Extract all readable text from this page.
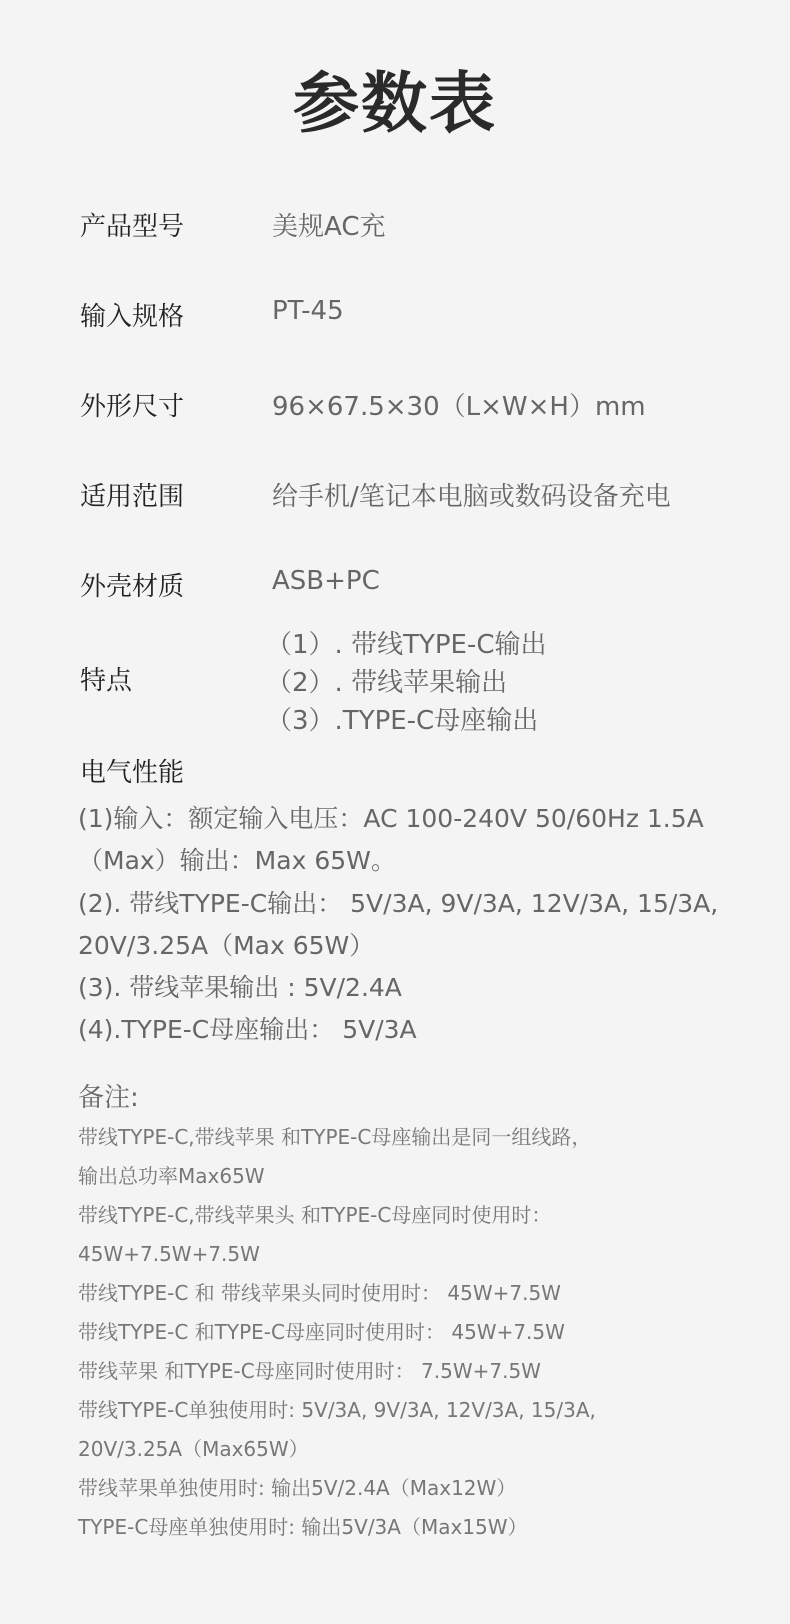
参数表
产品型号	美规AC充
输入规格	PT-45
外形尺寸	96×67.5×30（L×W×H）mm
适用范围	给手机/笔记本电脑或数码设备充电
外壳材质	ASB+PC
特点
（1）. 带线TYPE-C输出
（2）. 带线苹果输出
（3）.TYPE-C母座输出
电气性能
(1)输入：额定输入电压：AC 100-240V 50/60Hz 1.5A
（Max）输出：Max 65W。
(2). 带线TYPE-C输出： 5V/3A, 9V/3A, 12V/3A, 15/3A,
20V/3.25A（Max 65W）
(3). 带线苹果输出 : 5V/2.4A
(4).TYPE-C母座输出： 5V/3A
备注:
带线TYPE-C,带线苹果 和TYPE-C母座输出是同一组线路，
输出总功率Max65W
带线TYPE-C,带线苹果头 和TYPE-C母座同时使用时：
45W+7.5W+7.5W
带线TYPE-C 和 带线苹果头同时使用时： 45W+7.5W
带线TYPE-C 和TYPE-C母座同时使用时： 45W+7.5W
带线苹果 和TYPE-C母座同时使用时： 7.5W+7.5W
带线TYPE-C单独使用时: 5V/3A, 9V/3A, 12V/3A, 15/3A,
20V/3.25A（Max65W）
带线苹果单独使用时: 输出5V/2.4A（Max12W）
TYPE-C母座单独使用时: 输出5V/3A（Max15W）
